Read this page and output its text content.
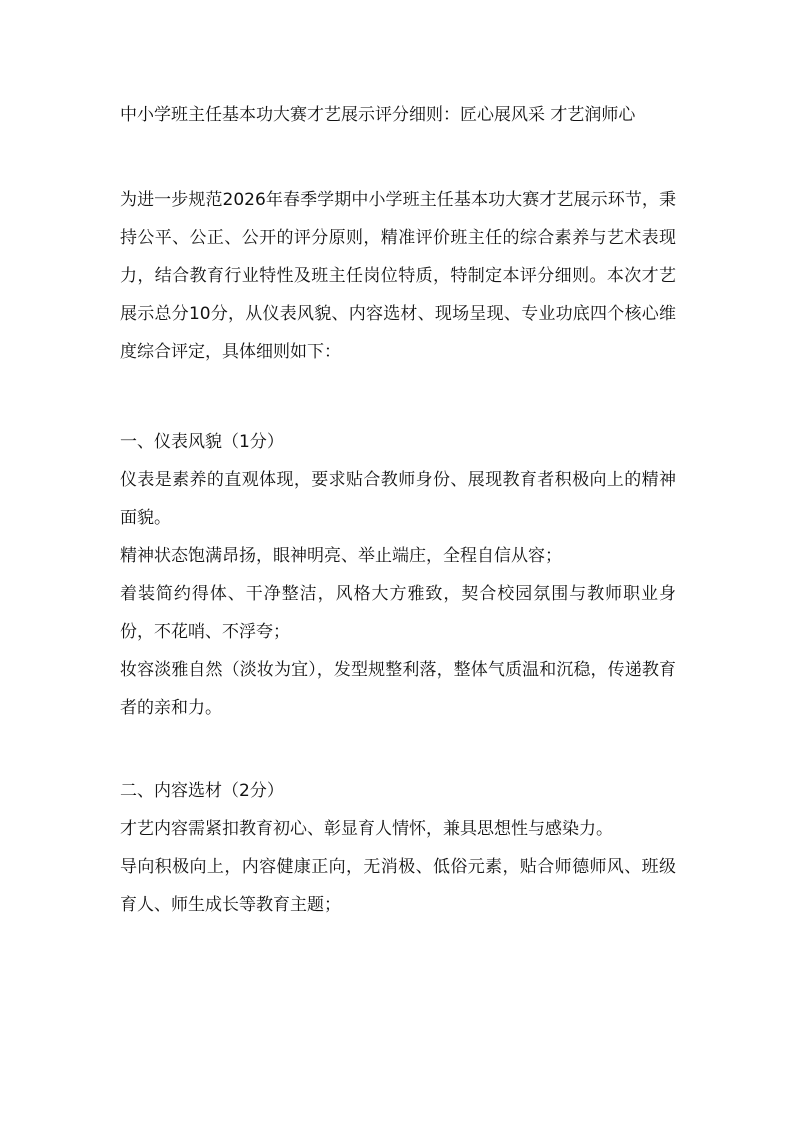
中小学班主任基本功大赛才艺展示评分细则：匠心展风采 才艺润师心

为进一步规范2026年春季学期中小学班主任基本功大赛才艺展示环节，秉持公平、公正、公开的评分原则，精准评价班主任的综合素养与艺术表现力，结合教育行业特性及班主任岗位特质，特制定本评分细则。本次才艺展示总分10分，从仪表风貌、内容选材、现场呈现、专业功底四个核心维度综合评定，具体细则如下：

一、仪表风貌（1分）

仪表是素养的直观体现，要求贴合教师身份、展现教育者积极向上的精神面貌。

精神状态饱满昂扬，眼神明亮、举止端庄，全程自信从容；

着装简约得体、干净整洁，风格大方雅致，契合校园氛围与教师职业身份，不花哨、不浮夸；

妆容淡雅自然（淡妆为宜），发型规整利落，整体气质温和沉稳，传递教育者的亲和力。

二、内容选材（2分）

才艺内容需紧扣教育初心、彰显育人情怀，兼具思想性与感染力。

导向积极向上，内容健康正向，无消极、低俗元素，贴合师德师风、班级育人、师生成长等教育主题；
